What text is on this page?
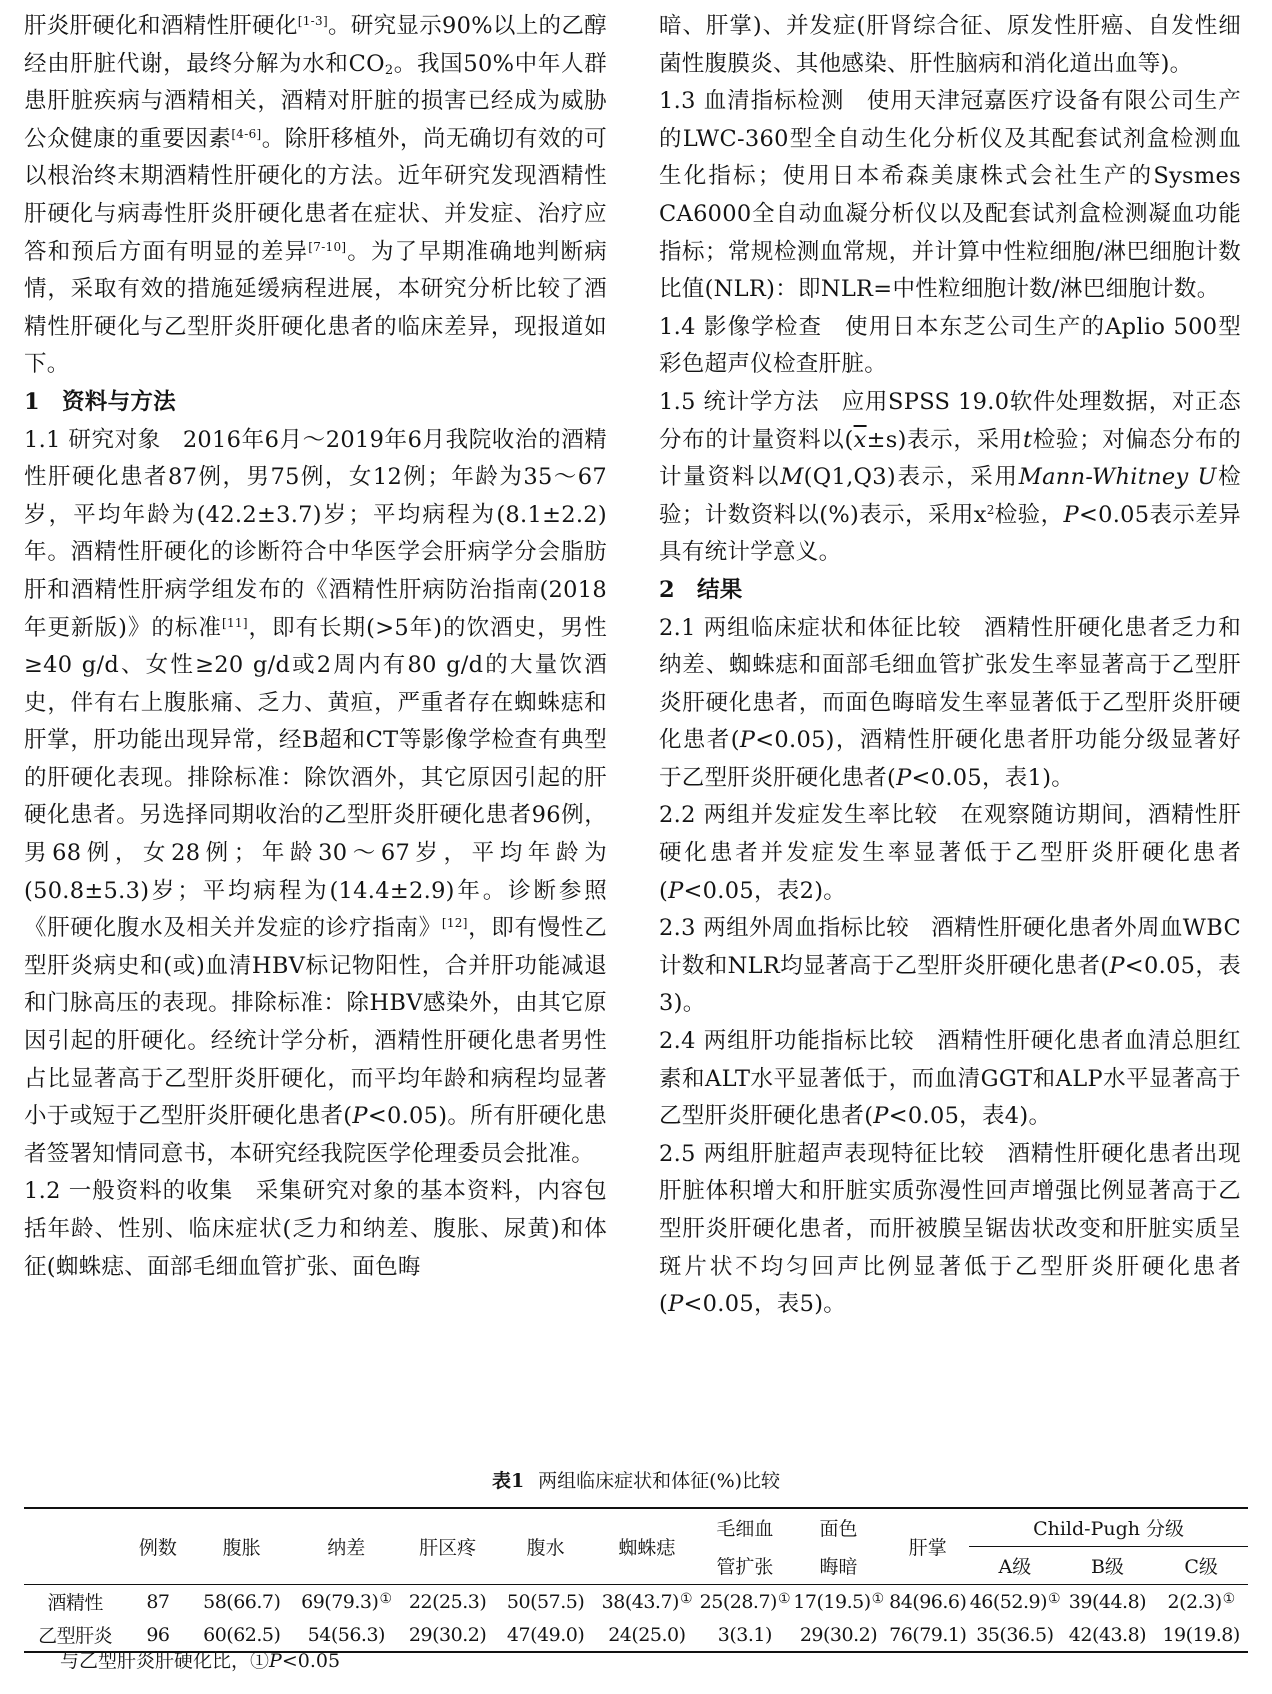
肝炎肝硬化和酒精性肝硬化[1-3]。研究显示90%以上的乙醇经由肝脏代谢，最终分解为水和$CO_2$。我国50%中年人群患肝脏疾病与酒精相关，酒精对肝脏的损害已经成为威胁公众健康的重要因素[4-6]。除肝移植外，尚无确切有效的可以根治终末期酒精性肝硬化的方法。近年研究发现酒精性肝硬化与病毒性肝炎肝硬化患者在症状、并发症、治疗应答和预后方面有明显的差异[7-10]。为了早期准确地判断病情，采取有效的措施延缓病程进展，本研究分析比较了酒精性肝硬化与乙型肝炎肝硬化患者的临床差异，现报道如下。

1 资料与方法

1.1 研究对象 2016年6月～2019年6月我院收治的酒精性肝硬化患者87例，男75例，女12例；年龄为35～67岁，平均年龄为(42.2±3.7)岁；平均病程为(8.1±2.2)年。酒精性肝硬化的诊断符合中华医学会肝病学分会脂肪肝和酒精性肝病学组发布的《酒精性肝病防治指南(2018年更新版)》的标准[11]，即有长期(>5年)的饮酒史，男性≥40 g/d、女性≥20 g/d或2周内有80 g/d的大量饮酒史，伴有右上腹胀痛、乏力、黄疸，严重者存在蜘蛛痣和肝掌，肝功能出现异常，经B超和CT等影像学检查有典型的肝硬化表现。排除标准：除饮酒外，其它原因引起的肝硬化患者。另选择同期收治的乙型肝炎肝硬化患者96例，男68例，女28例；年龄30～67岁，平均年龄为(50.8±5.3)岁；平均病程为(14.4±2.9)年。诊断参照《肝硬化腹水及相关并发症的诊疗指南》[12]，即有慢性乙型肝炎病史和(或)血清HBV标记物阳性，合并肝功能减退和门脉高压的表现。排除标准：除HBV感染外，由其它原因引起的肝硬化。经统计学分析，酒精性肝硬化患者男性占比显著高于乙型肝炎肝硬化，而平均年龄和病程均显著小于或短于乙型肝炎肝硬化患者(P<0.05)。所有肝硬化患者签署知情同意书，本研究经我院医学伦理委员会批准。

1.2 一般资料的收集 采集研究对象的基本资料，内容包括年龄、性别、临床症状(乏力和纳差、腹胀、尿黄)和体征(蜘蛛痣、面部毛细血管扩张、面色晦

暗、肝掌)、并发症(肝肾综合征、原发性肝癌、自发性细菌性腹膜炎、其他感染、肝性脑病和消化道出血等)。

1.3 血清指标检测 使用天津冠嘉医疗设备有限公司生产的LWC-360型全自动生化分析仪及其配套试剂盒检测血生化指标；使用日本希森美康株式会社生产的Sysmes CA6000全自动血凝分析仪以及配套试剂盒检测凝血功能指标；常规检测血常规，并计算中性粒细胞/淋巴细胞计数比值(NLR)：即NLR=中性粒细胞计数/淋巴细胞计数。

1.4 影像学检查 使用日本东芝公司生产的Aplio 500型彩色超声仪检查肝脏。

1.5 统计学方法 应用SPSS 19.0软件处理数据，对正态分布的计量资料以$(\overline{x}\pm s)$表示，采用t检验；对偏态分布的计量资料以M(Q1,Q3)表示，采用Mann-Whitney U检验；计数资料以(%)表示，采用$x^2$检验，P<0.05表示差异具有统计学意义。

2 结果

2.1 两组临床症状和体征比较 酒精性肝硬化患者乏力和纳差、蜘蛛痣和面部毛细血管扩张发生率显著高于乙型肝炎肝硬化患者，而面色晦暗发生率显著低于乙型肝炎肝硬化患者(P<0.05)，酒精性肝硬化患者肝功能分级显著好于乙型肝炎肝硬化患者(P<0.05，表1)。

2.2 两组并发症发生率比较 在观察随访期间，酒精性肝硬化患者并发症发生率显著低于乙型肝炎肝硬化患者(P<0.05，表2)。

2.3 两组外周血指标比较 酒精性肝硬化患者外周血WBC计数和NLR均显著高于乙型肝炎肝硬化患者(P<0.05，表3)。

2.4 两组肝功能指标比较 酒精性肝硬化患者血清总胆红素和ALT水平显著低于，而血清GGT和ALP水平显著高于乙型肝炎肝硬化患者(P<0.05，表4)。

2.5 两组肝脏超声表现特征比较 酒精性肝硬化患者出现肝脏体积增大和肝脏实质弥漫性回声增强比例显著高于乙型肝炎肝硬化患者，而肝被膜呈锯齿状改变和肝脏实质呈斑片状不均匀回声比例显著低于乙型肝炎肝硬化患者(P<0.05，表5)。

表1 两组临床症状和体征(%)比较
	例数	腹胀	纳差	肝区疼	腹水	蜘蛛痣	毛细血	面色	肝掌	Child-Pugh 分级		
							管扩张	晦暗		A级	B级	C级
酒精性	87	58(66.7)	69(79.3)①	22(25.3)	50(57.5)	38(43.7)①	25(28.7)①	17(19.5)①	84(96.6)	46(52.9)①	39(44.8)	2(2.3)①
乙型肝炎	96	60(62.5)	54(56.3)	29(30.2)	47(49.0)	24(25.0)	3(3.1)	29(30.2)	76(79.1)	35(36.5)	42(43.8)	19(19.8)
与乙型肝炎肝硬化比，①P<0.05
